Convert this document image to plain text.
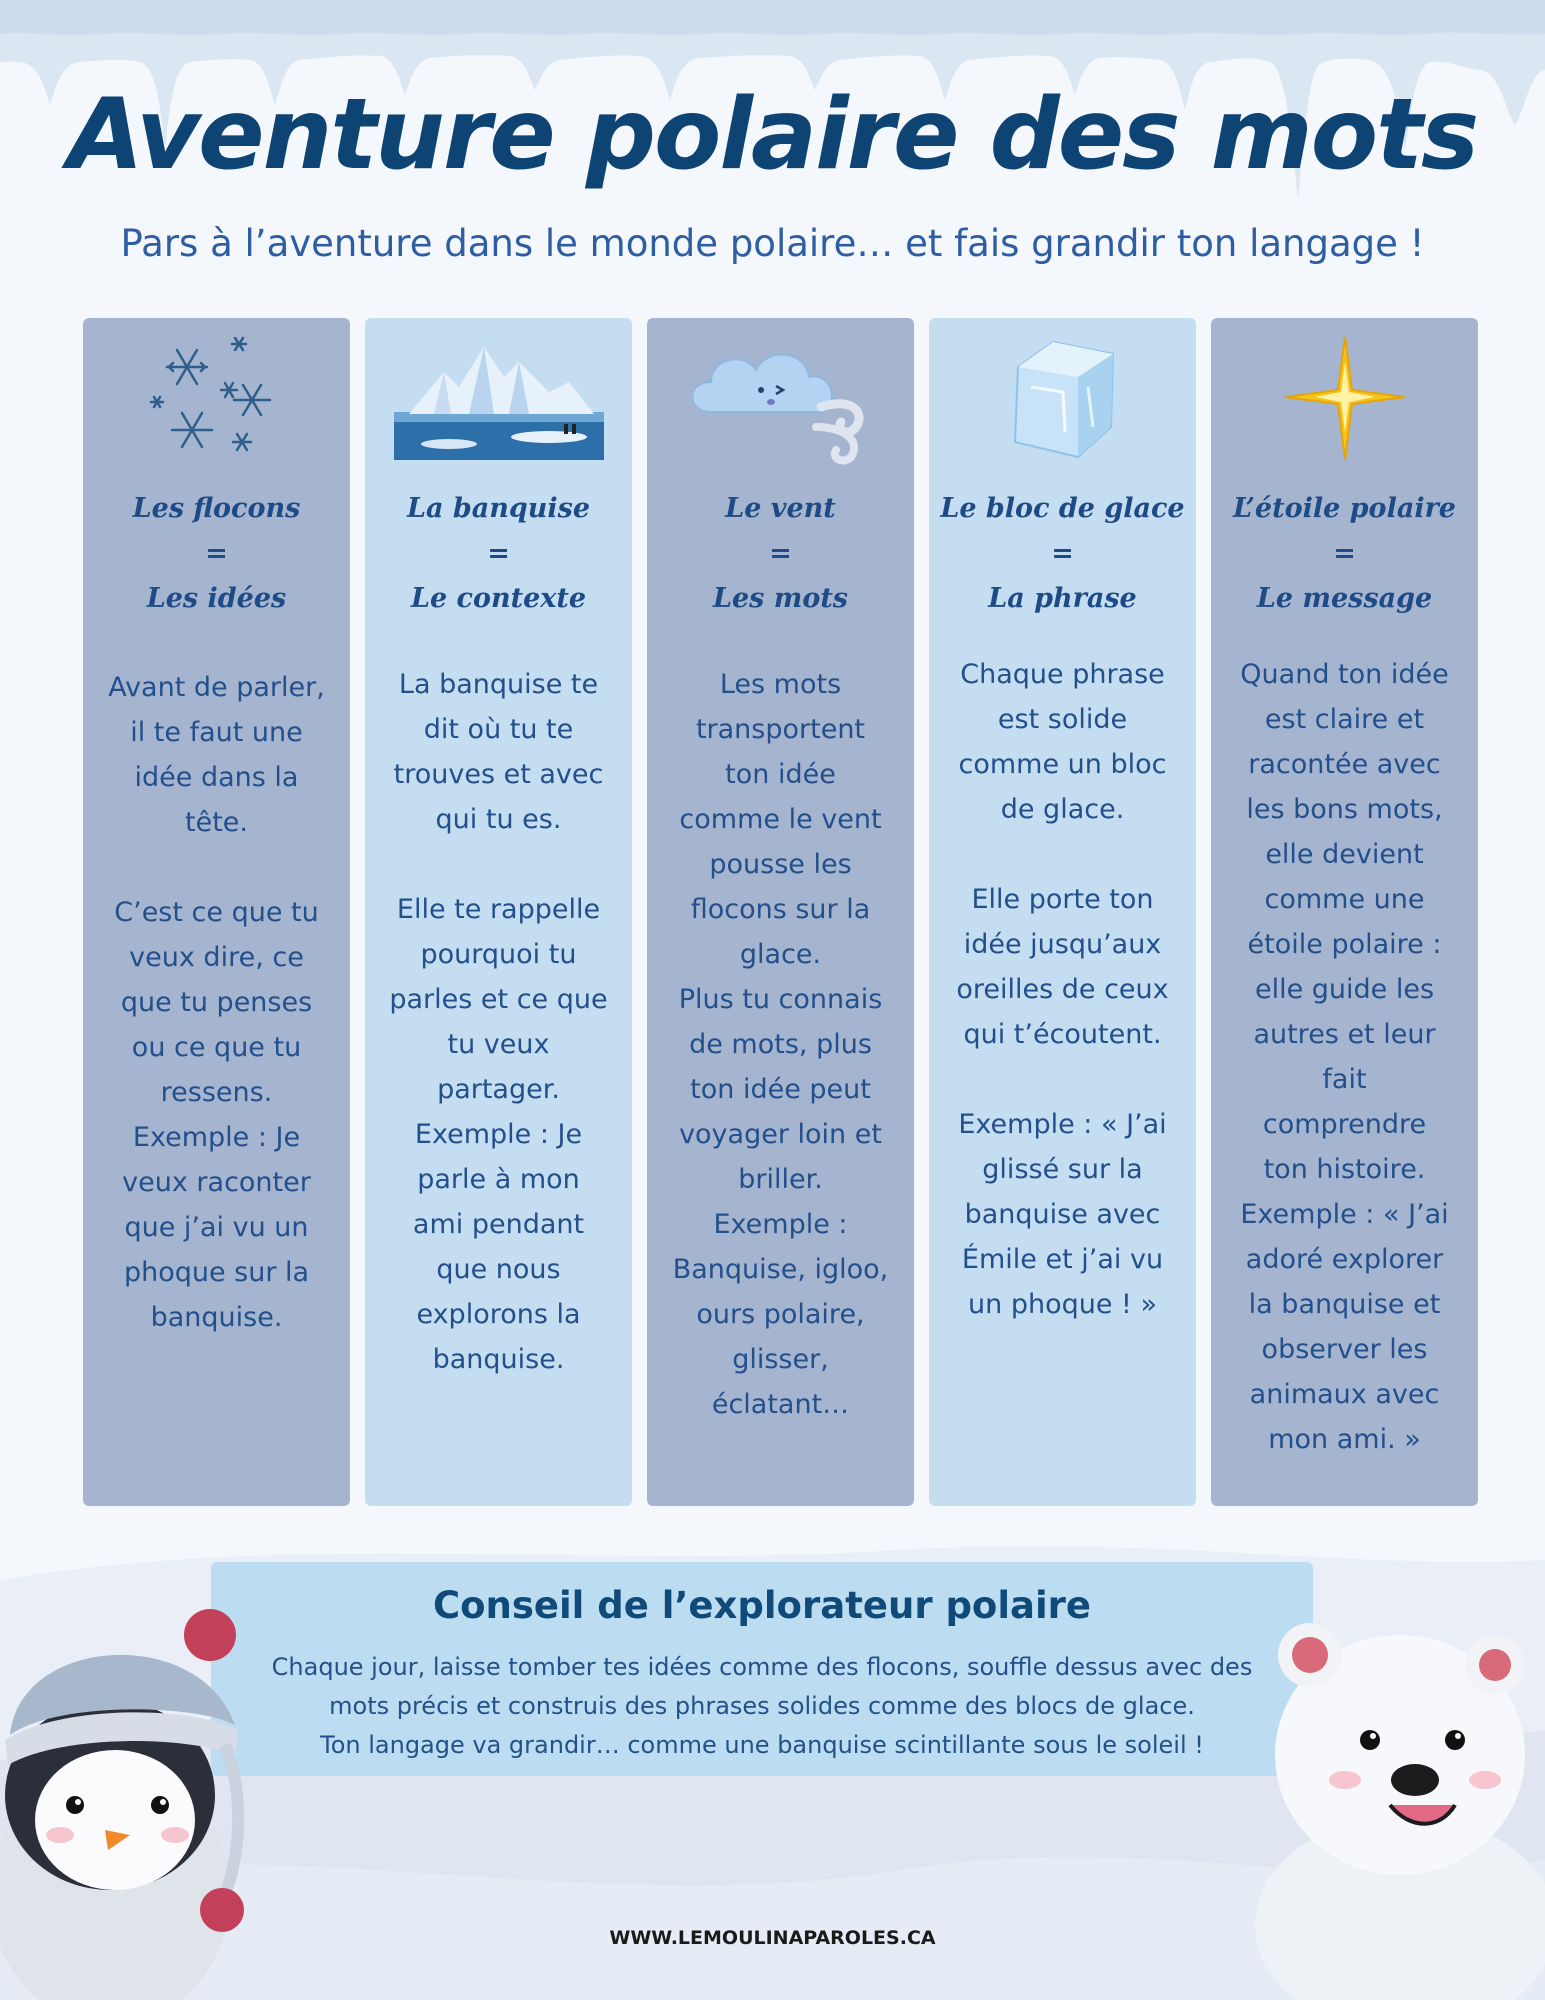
Aventure polaire des mots
Pars à l’aventure dans le monde polaire… et fais grandir ton langage !
Les flocons
=
Les idées

Avant de parler,

il te faut une

idée dans la

tête.

C’est ce que tu

veux dire, ce

que tu penses

ou ce que tu

ressens.

Exemple : Je

veux raconter

que j’ai vu un

phoque sur la

banquise.

La banquise
=
Le contexte

La banquise te

dit où tu te

trouves et avec

qui tu es.

Elle te rappelle

pourquoi tu

parles et ce que

tu veux

partager.

Exemple : Je

parle à mon

ami pendant

que nous

explorons la

banquise.

Le vent
=
Les mots

Les mots

transportent

ton idée

comme le vent

pousse les

flocons sur la

glace.

Plus tu connais

de mots, plus

ton idée peut

voyager loin et

briller.

Exemple :

Banquise, igloo,

ours polaire,

glisser,

éclatant…

Le bloc de glace
=
La phrase

Chaque phrase

est solide

comme un bloc

de glace.

Elle porte ton

idée jusqu’aux

oreilles de ceux

qui t’écoutent.

Exemple : « J’ai

glissé sur la

banquise avec

Émile et j’ai vu

un phoque ! »

L’étoile polaire
=
Le message

Quand ton idée

est claire et

racontée avec

les bons mots,

elle devient

comme une

étoile polaire :

elle guide les

autres et leur

fait

comprendre

ton histoire.

Exemple : « J’ai

adoré explorer

la banquise et

observer les

animaux avec

mon ami. »

Conseil de l’explorateur polaire

Chaque jour, laisse tomber tes idées comme des flocons, souffle dessus avec des

mots précis et construis des phrases solides comme des blocs de glace.

Ton langage va grandir… comme une banquise scintillante sous le soleil !

WWW.LEMOULINAPAROLES.CA
